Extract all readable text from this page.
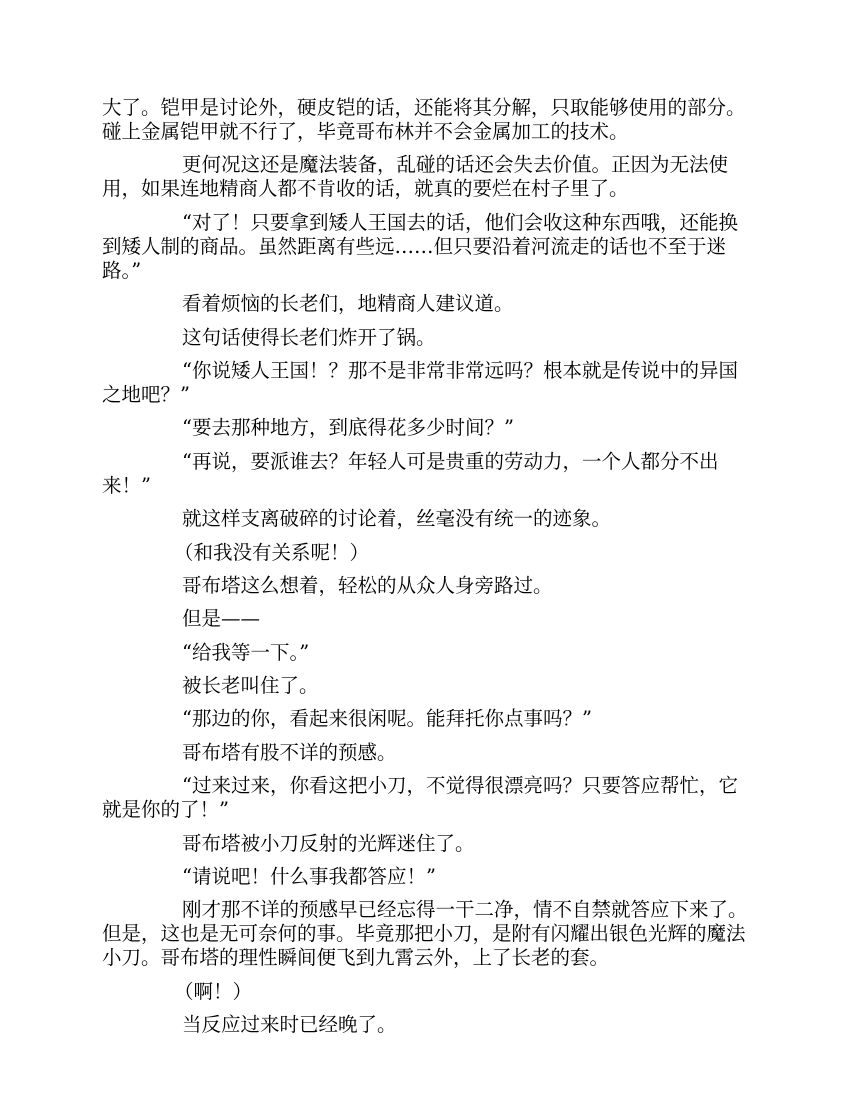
大了。铠甲是讨论外，硬皮铠的话，还能将其分解，只取能够使用的部分。碰上金属铠甲就不行了，毕竟哥布林并不会金属加工的技术。

更何况这还是魔法装备，乱碰的话还会失去价值。正因为无法使用，如果连地精商人都不肯收的话，就真的要烂在村子里了。

“对了！只要拿到矮人王国去的话，他们会收这种东西哦，还能换到矮人制的商品。虽然距离有些远……但只要沿着河流走的话也不至于迷路。”

看着烦恼的长老们，地精商人建议道。

这句话使得长老们炸开了锅。

“你说矮人王国！？那不是非常非常远吗？根本就是传说中的异国之地吧？”

“要去那种地方，到底得花多少时间？”

“再说，要派谁去？年轻人可是贵重的劳动力，一个人都分不出来！”

就这样支离破碎的讨论着，丝毫没有统一的迹象。

（和我没有关系呢！）

哥布塔这么想着，轻松的从众人身旁路过。

但是——

“给我等一下。”

被长老叫住了。

“那边的你，看起来很闲呢。能拜托你点事吗？”

哥布塔有股不详的预感。

“过来过来，你看这把小刀，不觉得很漂亮吗？只要答应帮忙，它就是你的了！”

哥布塔被小刀反射的光辉迷住了。

“请说吧！什么事我都答应！”

刚才那不详的预感早已经忘得一干二净，情不自禁就答应下来了。但是，这也是无可奈何的事。毕竟那把小刀，是附有闪耀出银色光辉的魔法小刀。哥布塔的理性瞬间便飞到九霄云外，上了长老的套。

（啊！）

当反应过来时已经晚了。
